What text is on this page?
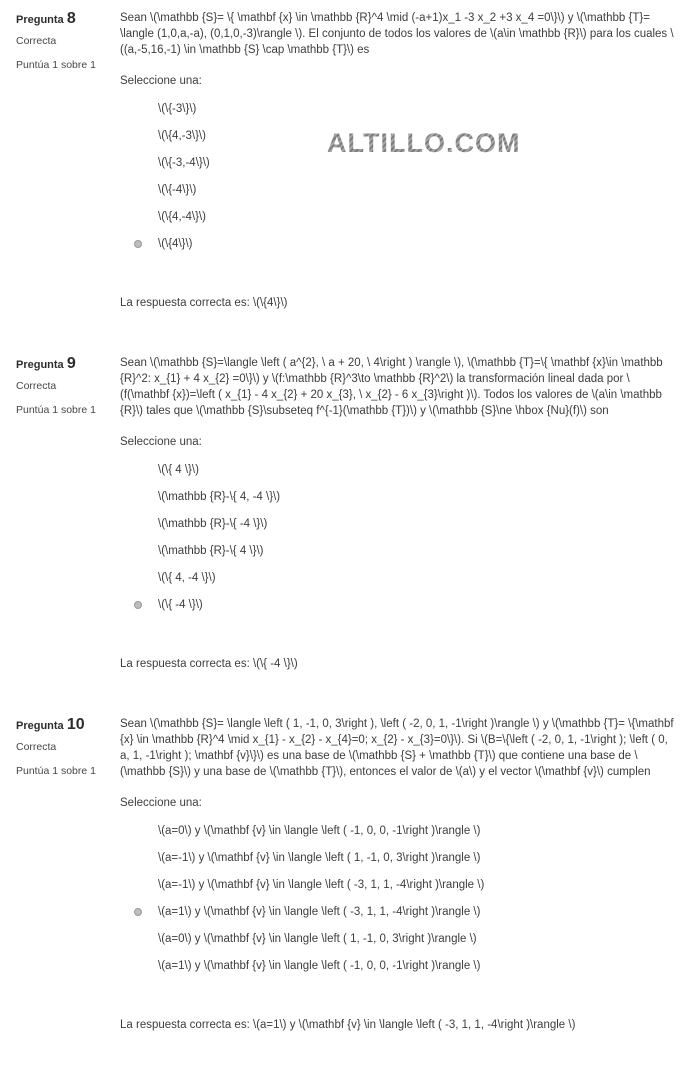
ALTILLO.COM
Pregunta 8
Correcta
Puntúa 1 sobre 1

Sean \(\mathbb {S}= \{ \mathbf {x} \in \mathbb {R}^4 \mid (-a+1)x_1 -3 x_2 +3 x_4 =0\}\) y \(\mathbb {T}= \langle (1,0,a,-a), (0,1,0,-3)\rangle \). El conjunto de todos los valores de \(a\in \mathbb {R}\) para los cuales \((a,-5,16,-1) \in \mathbb {S} \cap \mathbb {T}\) es

Seleccione una:
\(\{-3\}\)
\(\{4,-3\}\)
\(\{-3,-4\}\)
\(\{-4\}\)
\(\{4,-4\}\)
\(\{4\}\)
La respuesta correcta es: \(\{4\}\)
Pregunta 9
Correcta
Puntúa 1 sobre 1

Sean \(\mathbb {S}=\langle \left ( a^{2}, \ a + 20, \ 4\right ) \rangle \), \(\mathbb {T}=\{ \mathbf {x}\in \mathbb {R}^2: x_{1} + 4 x_{2} =0\}\) y \(f:\mathbb {R}^3\to \mathbb {R}^2\) la transformación lineal dada por \(f(\mathbf {x})=\left ( x_{1} - 4 x_{2} + 20 x_{3}, \ x_{2} - 6 x_{3}\right )\). Todos los valores de \(a\in \mathbb {R}\) tales que \(\mathbb {S}\subseteq f^{-1}(\mathbb {T})\) y \(\mathbb {S}\ne \hbox {Nu}(f)\) son

Seleccione una:
\(\{ 4 \}\)
\(\mathbb {R}-\{ 4, -4 \}\)
\(\mathbb {R}-\{ -4 \}\)
\(\mathbb {R}-\{ 4 \}\)
\(\{ 4, -4 \}\)
\(\{ -4 \}\)
La respuesta correcta es: \(\{ -4 \}\)
Pregunta 10
Correcta
Puntúa 1 sobre 1

Sean \(\mathbb {S}= \langle \left ( 1, -1, 0, 3\right ), \left ( -2, 0, 1, -1\right )\rangle \) y \(\mathbb {T}= \{\mathbf {x} \in \mathbb {R}^4 \mid x_{1} - x_{2} - x_{4}=0; x_{2} - x_{3}=0\}\). Si \(B=\{\left ( -2, 0, 1, -1\right ); \left ( 0, a, 1, -1\right ); \mathbf {v}\}\) es una base de \(\mathbb {S} + \mathbb {T}\) que contiene una base de \(\mathbb {S}\) y una base de \(\mathbb {T}\), entonces el valor de \(a\) y el vector \(\mathbf {v}\) cumplen

Seleccione una:
\(a=0\) y \(\mathbf {v} \in \langle \left ( -1, 0, 0, -1\right )\rangle \)
\(a=-1\) y \(\mathbf {v} \in \langle \left ( 1, -1, 0, 3\right )\rangle \)
\(a=-1\) y \(\mathbf {v} \in \langle \left ( -3, 1, 1, -4\right )\rangle \)
\(a=1\) y \(\mathbf {v} \in \langle \left ( -3, 1, 1, -4\right )\rangle \)
\(a=0\) y \(\mathbf {v} \in \langle \left ( 1, -1, 0, 3\right )\rangle \)
\(a=1\) y \(\mathbf {v} \in \langle \left ( -1, 0, 0, -1\right )\rangle \)
La respuesta correcta es: \(a=1\) y \(\mathbf {v} \in \langle \left ( -3, 1, 1, -4\right )\rangle \)
